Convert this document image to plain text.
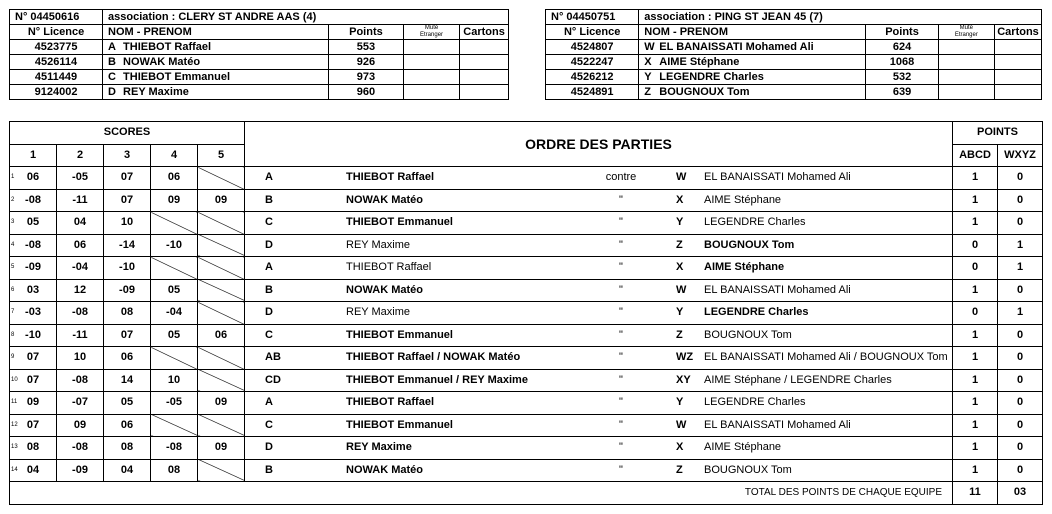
N° 04450616	association : CLERY ST ANDRE AAS (4)			
N° Licence	NOM - PRENOM	Points	Muté
Etranger	Cartons
4523775	A THIEBOT Raffael	553		
4526114	B NOWAK Matéo	926		
4511449	C THIEBOT Emmanuel	973		
9124002	D REY Maxime	960		
N° 04450751	association : PING ST JEAN 45 (7)			
N° Licence	NOM - PRENOM	Points	Muté
Etranger	Cartons
4524807	W EL BANAISSATI Mohamed Ali	624		
4522247	X AIME Stéphane	1068		
4526212	Y LEGENDRE Charles	532		
4524891	Z BOUGNOUX Tom	639		
SCORES					ORDRE DES PARTIES					POINTS	
1	2	3	4	5						ABCD	WXYZ

1 06	-05	07	06		A	THIEBOT Raffael	contre	W	EL BANAISSATI Mohamed Ali	1	0

2 -08	-11	07	09	09	B	NOWAK Matéo	"	X	AIME Stéphane	1	0

3 05	04	10			C	THIEBOT Emmanuel	"	Y	LEGENDRE Charles	1	0

4 -08	06	-14	-10		D	REY Maxime	"	Z	BOUGNOUX Tom	0	1

5 -09	-04	-10			A	THIEBOT Raffael	"	X	AIME Stéphane	0	1

6 03	12	-09	05		B	NOWAK Matéo	"	W	EL BANAISSATI Mohamed Ali	1	0

7 -03	-08	08	-04		D	REY Maxime	"	Y	LEGENDRE Charles	0	1

8 -10	-11	07	05	06	C	THIEBOT Emmanuel	"	Z	BOUGNOUX Tom	1	0

9 07	10	06			AB	THIEBOT Raffael / NOWAK Matéo	"	WZ	EL BANAISSATI Mohamed Ali / BOUGNOUX Tom	1	0

10 07	-08	14	10		CD	THIEBOT Emmanuel / REY Maxime	"	XY	AIME Stéphane / LEGENDRE Charles	1	0

11 09	-07	05	-05	09	A	THIEBOT Raffael	"	Y	LEGENDRE Charles	1	0

12 07	09	06			C	THIEBOT Emmanuel	"	W	EL BANAISSATI Mohamed Ali	1	0

13 08	-08	08	-08	09	D	REY Maxime	"	X	AIME Stéphane	1	0

14 04	-09	04	08		B	NOWAK Matéo	"	Z	BOUGNOUX Tom	1	0
TOTAL DES POINTS DE CHAQUE EQUIPE										11	03
